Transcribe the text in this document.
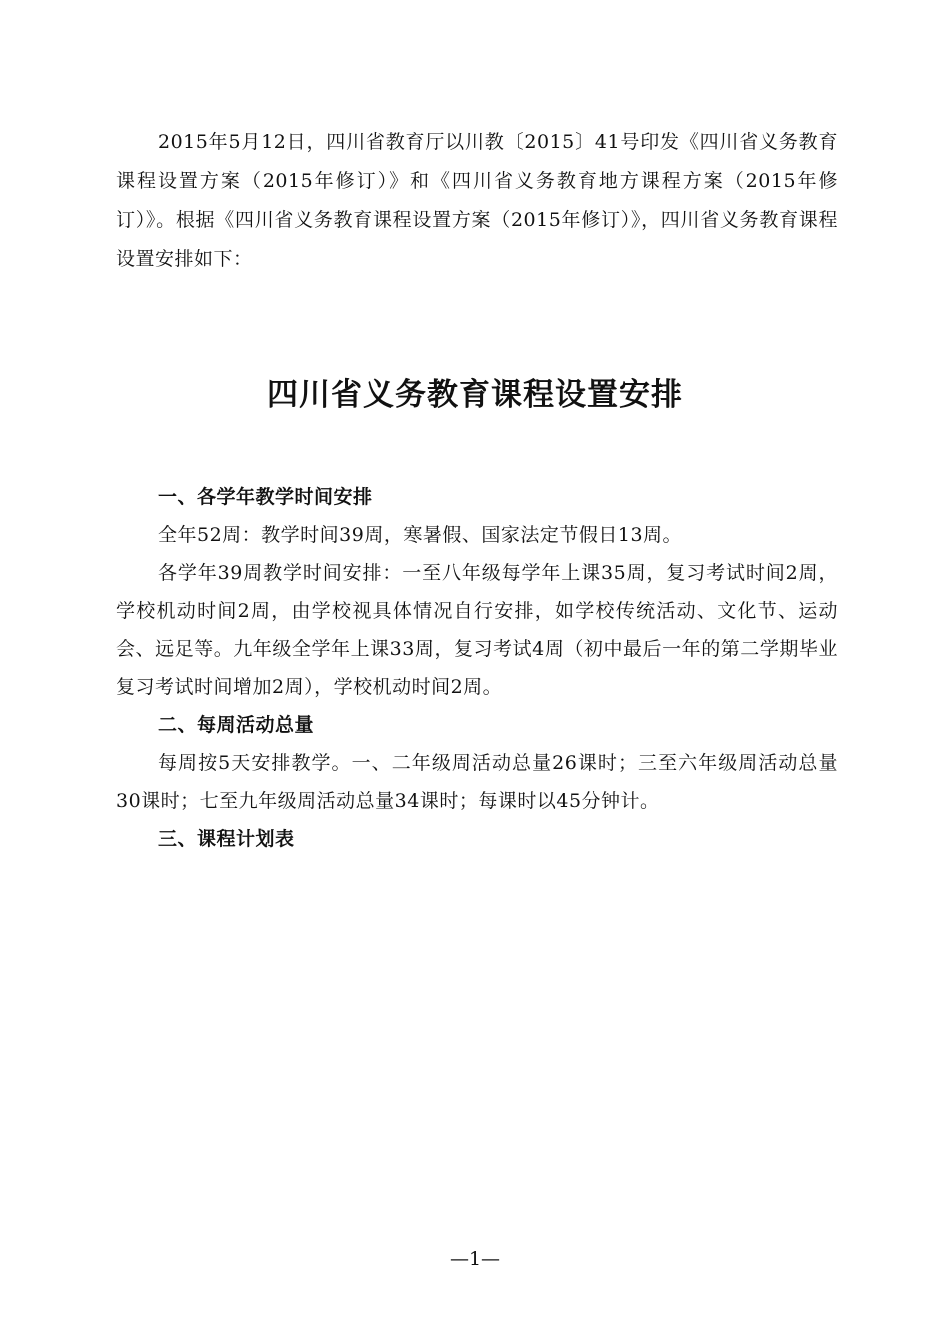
2015年5月12日，四川省教育厅以川教〔2015〕41号印发《四川省义务教育课程设置方案（2015年修订）》和《四川省义务教育地方课程方案（2015年修订）》。根据《四川省义务教育课程设置方案（2015年修订）》，四川省义务教育课程设置安排如下：

四川省义务教育课程设置安排
一、各学年教学时间安排

全年52周：教学时间39周，寒暑假、国家法定节假日13周。

各学年39周教学时间安排：一至八年级每学年上课35周，复习考试时间2周，学校机动时间2周，由学校视具体情况自行安排，如学校传统活动、文化节、运动会、远足等。九年级全学年上课33周，复习考试4周（初中最后一年的第二学期毕业复习考试时间增加2周），学校机动时间2周。

二、每周活动总量

每周按5天安排教学。一、二年级周活动总量26课时；三至六年级周活动总量30课时；七至九年级周活动总量34课时；每课时以45分钟计。

三、课程计划表
—1—
